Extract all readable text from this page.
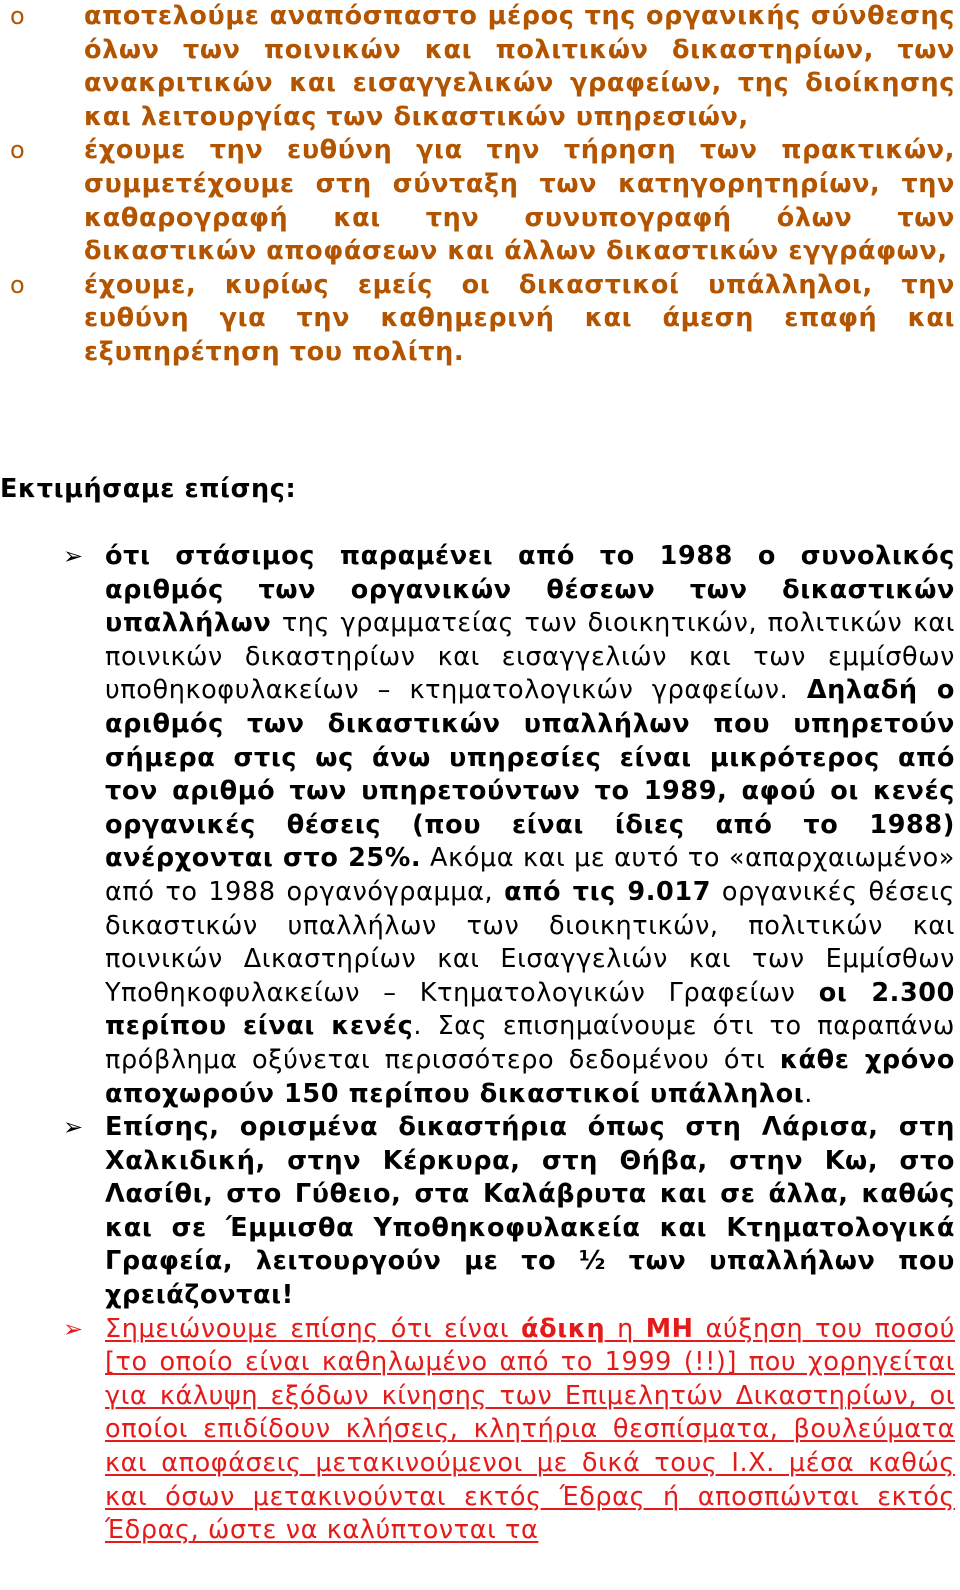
o αποτελούμε αναπόσπαστο μέρος της οργανικής σύνθεσης όλων των ποινικών και πολιτικών δικαστηρίων, των ανακριτικών και εισαγγελικών γραφείων, της διοίκησης και λειτουργίας των δικαστικών υπηρεσιών,
o έχουμε την ευθύνη για την τήρηση των πρακτικών, συμμετέχουμε στη σύνταξη των κατηγορητηρίων, την καθαρογραφή και την συνυπογραφή όλων των δικαστικών αποφάσεων και άλλων δικαστικών εγγράφων,
o έχουμε, κυρίως εμείς οι δικαστικοί υπάλληλοι, την ευθύνη για την καθημερινή και άμεση επαφή και εξυπηρέτηση του πολίτη.

Εκτιμήσαμε επίσης:

➢ ότι στάσιμος παραμένει από το 1988 ο συνολικός αριθμός των οργανικών θέσεων των δικαστικών υπαλλήλων της γραμματείας των διοικητικών, πολιτικών και ποινικών δικαστηρίων και εισαγγελιών και των εμμίσθων υποθηκοφυλακείων – κτηματολογικών γραφείων. Δηλαδή ο αριθμός των δικαστικών υπαλλήλων που υπηρετούν σήμερα στις ως άνω υπηρεσίες είναι μικρότερος από τον αριθμό των υπηρετούντων το 1989, αφού οι κενές οργανικές θέσεις (που είναι ίδιες από το 1988) ανέρχονται στο 25%. Ακόμα και με αυτό το «απαρχαιωμένο» από το 1988 οργανόγραμμα, από τις 9.017 οργανικές θέσεις δικαστικών υπαλλήλων των διοικητικών, πολιτικών και ποινικών Δικαστηρίων και Εισαγγελιών και των Εμμίσθων Υποθηκοφυλακείων – Κτηματολογικών Γραφείων οι 2.300 περίπου είναι κενές. Σας επισημαίνουμε ότι το παραπάνω πρόβλημα οξύνεται περισσότερο δεδομένου ότι κάθε χρόνο αποχωρούν 150 περίπου δικαστικοί υπάλληλοι.
➢ Επίσης, ορισμένα δικαστήρια όπως στη Λάρισα, στη Χαλκιδική, στην Κέρκυρα, στη Θήβα, στην Κω, στο Λασίθι, στο Γύθειο, στα Καλάβρυτα και σε άλλα, καθώς και σε Έμμισθα Υποθηκοφυλακεία και Κτηματολογικά Γραφεία, λειτουργούν με το ½ των υπαλλήλων που χρειάζονται!
➢ Σημειώνουμε επίσης ότι είναι άδικη η ΜΗ αύξηση του ποσού [το οποίο είναι καθηλωμένο από το 1999 (!!)] που χορηγείται για κάλυψη εξόδων κίνησης των Επιμελητών Δικαστηρίων, οι οποίοι επιδίδουν κλήσεις, κλητήρια θεσπίσματα, βουλεύματα και αποφάσεις μετακινούμενοι με δικά τους Ι.Χ. μέσα καθώς και όσων μετακινούνται εκτός Έδρας ή αποσπώνται εκτός Έδρας, ώστε να καλύπτονται τα
